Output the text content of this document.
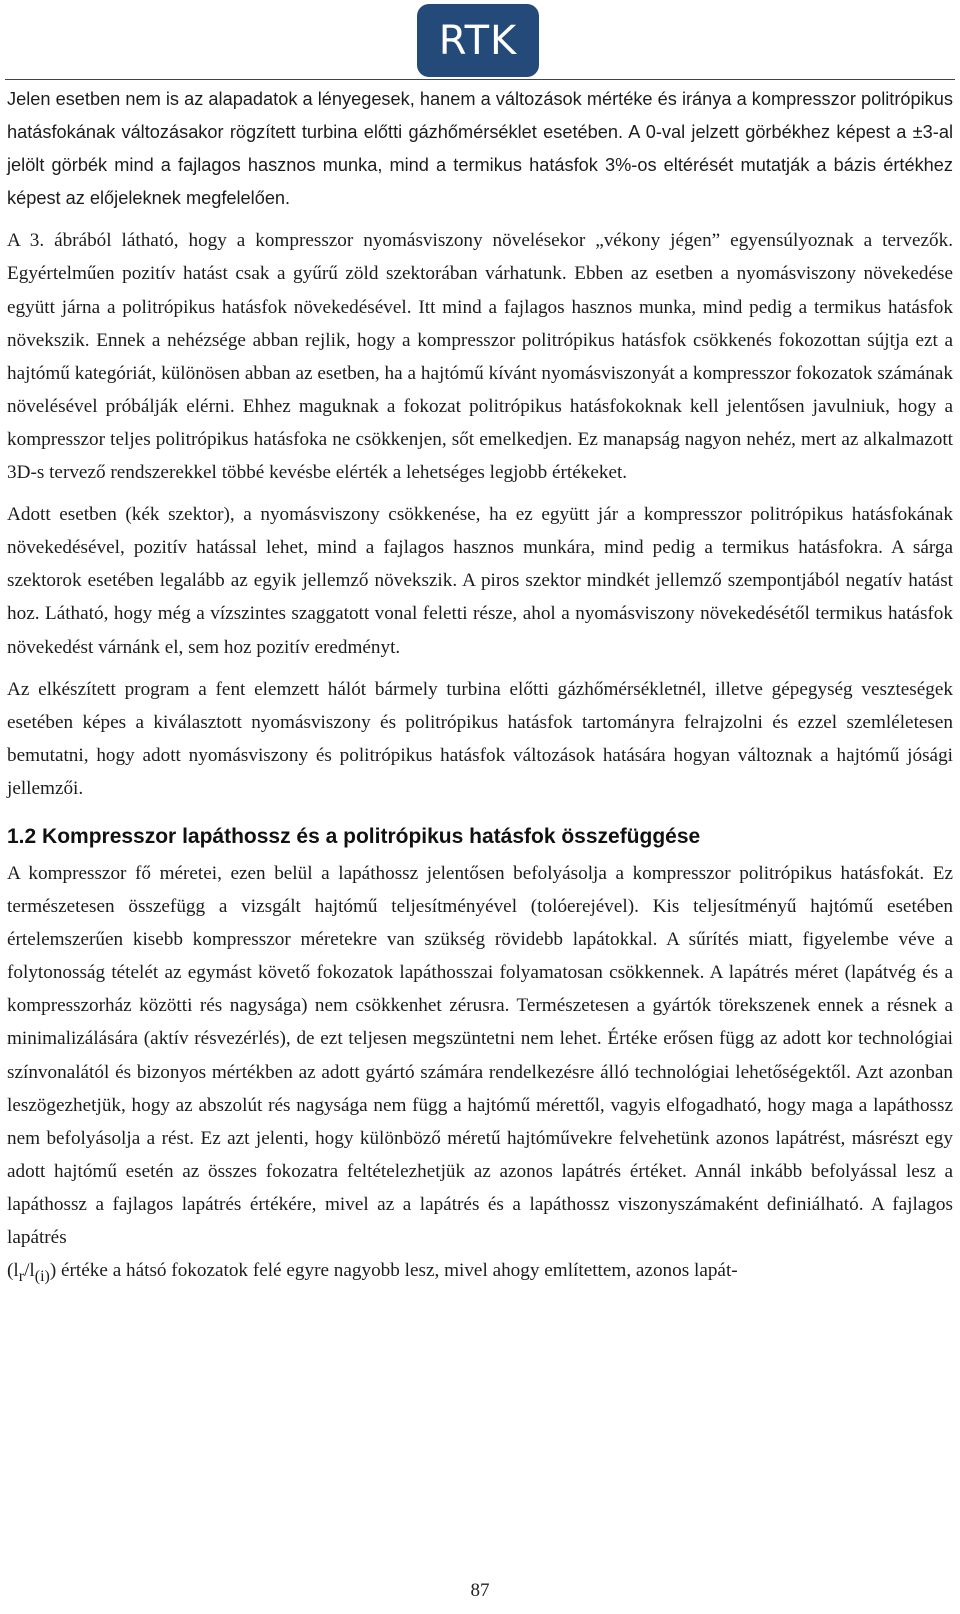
RTK

Jelen esetben nem is az alapadatok a lényegesek, hanem a változások mértéke és iránya a kompresszor politrópikus hatásfokának változásakor rögzített turbina előtti gázhőmérséklet esetében. A 0-val jelzett görbékhez képest a ±3-al jelölt görbék mind a fajlagos hasznos munka, mind a termikus hatásfok 3%-os eltérését mutatják a bázis értékhez képest az előjeleknek megfelelően.

A 3. ábrából látható, hogy a kompresszor nyomásviszony növelésekor „vékony jégen” egyensúlyoznak a tervezők. Egyértelműen pozitív hatást csak a gyűrű zöld szektorában várhatunk. Ebben az esetben a nyomásviszony növekedése együtt járna a politrópikus hatásfok növekedésével. Itt mind a fajlagos hasznos munka, mind pedig a termikus hatásfok növekszik. Ennek a nehézsége abban rejlik, hogy a kompresszor politrópikus hatásfok csökkenés fokozottan sújtja ezt a hajtómű kategóriát, különösen abban az esetben, ha a hajtómű kívánt nyomásviszonyát a kompresszor fokozatok számának növelésével próbálják elérni. Ehhez maguknak a fokozat politrópikus hatásfokoknak kell jelentősen javulniuk, hogy a kompresszor teljes politrópikus hatásfoka ne csökkenjen, sőt emelkedjen. Ez manapság nagyon nehéz, mert az alkalmazott 3D-s tervező rendszerekkel többé kevésbe elérték a lehetséges legjobb értékeket.

Adott esetben (kék szektor), a nyomásviszony csökkenése, ha ez együtt jár a kompresszor politrópikus hatásfokának növekedésével, pozitív hatással lehet, mind a fajlagos hasznos munkára, mind pedig a termikus hatásfokra. A sárga szektorok esetében legalább az egyik jellemző növekszik. A piros szektor mindkét jellemző szempontjából negatív hatást hoz. Látható, hogy még a vízszintes szaggatott vonal feletti része, ahol a nyomásviszony növekedésétől termikus hatásfok növekedést várnánk el, sem hoz pozitív eredményt.

Az elkészített program a fent elemzett hálót bármely turbina előtti gázhőmérsékletnél, illetve gépegység veszteségek esetében képes a kiválasztott nyomásviszony és politrópikus hatásfok tartományra felrajzolni és ezzel szemléletesen bemutatni, hogy adott nyomásviszony és politrópikus hatásfok változások hatására hogyan változnak a hajtómű jósági jellemzői.

1.2 Kompresszor lapáthossz és a politrópikus hatásfok összefüggése

A kompresszor fő méretei, ezen belül a lapáthossz jelentősen befolyásolja a kompresszor politrópikus hatásfokát. Ez természetesen összefügg a vizsgált hajtómű teljesítményével (tolóerejével). Kis teljesítményű hajtómű esetében értelemszerűen kisebb kompresszor méretekre van szükség rövidebb lapátokkal. A sűrítés miatt, figyelembe véve a folytonosság tételét az egymást követő fokozatok lapáthosszai folyamatosan csökkennek. A lapátrés méret (lapátvég és a kompresszorház közötti rés nagysága) nem csökkenhet zérusra. Természetesen a gyártók törekszenek ennek a résnek a minimalizálására (aktív résvezérlés), de ezt teljesen megszüntetni nem lehet. Értéke erősen függ az adott kor technológiai színvonalától és bizonyos mértékben az adott gyártó számára rendelkezésre álló technológiai lehetőségektől. Azt azonban leszögezhetjük, hogy az abszolút rés nagysága nem függ a hajtómű mérettől, vagyis elfogadható, hogy maga a lapáthossz nem befolyásolja a rést. Ez azt jelenti, hogy különböző méretű hajtóművekre felvehetünk azonos lapátrést, másrészt egy adott hajtómű esetén az összes fokozatra feltételezhetjük az azonos lapátrés értéket. Annál inkább befolyással lesz a lapáthossz a fajlagos lapátrés értékére, mivel az a lapátrés és a lapáthossz viszonyszámaként definiálható. A fajlagos lapátrés
$(l_r/l_{(i)})$ értéke a hátsó fokozatok felé egyre nagyobb lesz, mivel ahogy említettem, azonos lapát-

87
